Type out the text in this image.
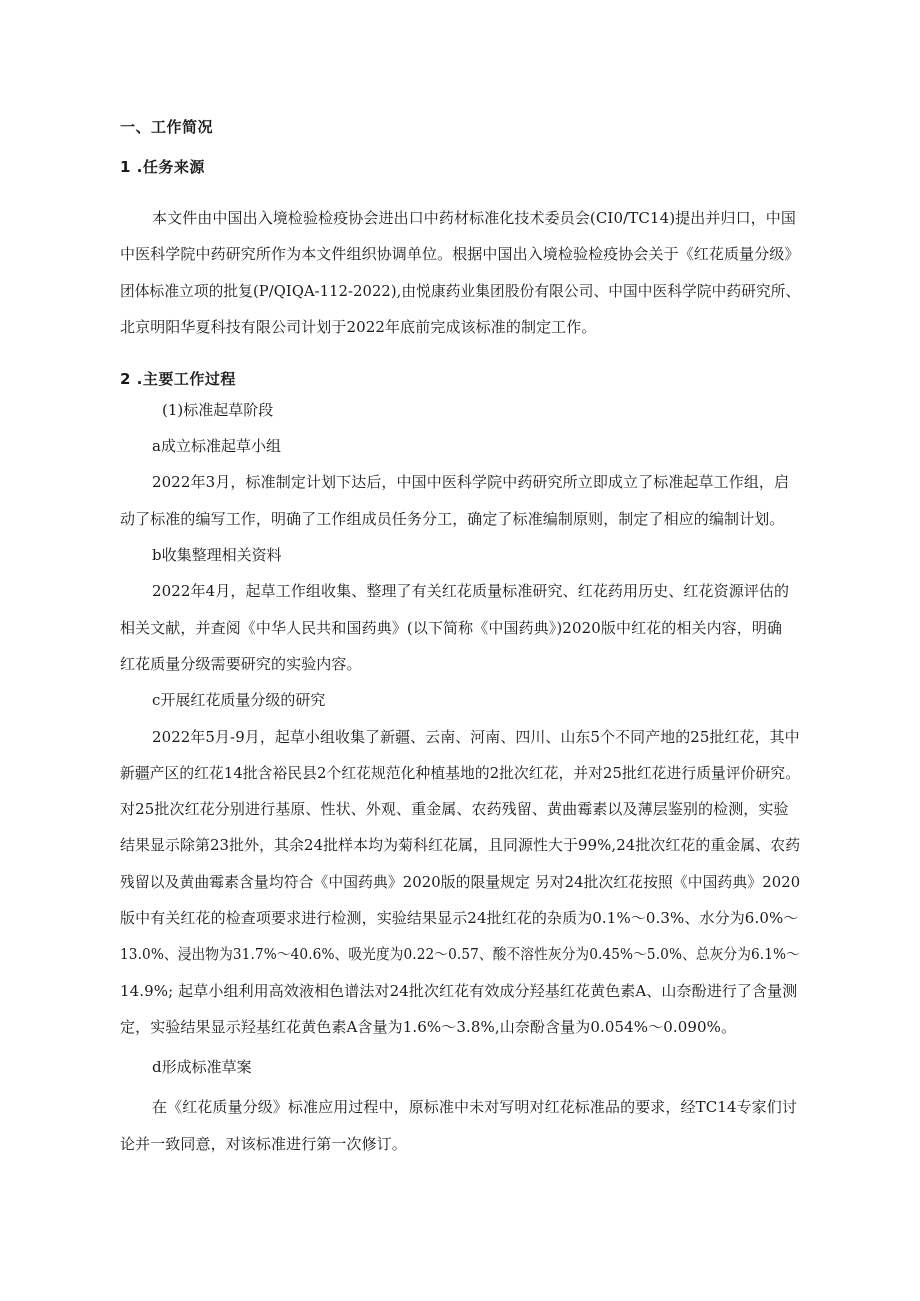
一、工作简况
1 .任务来源
本文件由中国出入境检验检疫协会进出口中药材标准化技术委员会(CI0/TC14)提出并归口，中国
中医科学院中药研究所作为本文件组织协调单位。根据中国出入境检验检疫协会关于《红花质量分级》
团体标准立项的批复(P/QIQA-112-2022),由悦康药业集团股份有限公司、中国中医科学院中药研究所、
北京明阳华夏科技有限公司计划于2022年底前完成该标准的制定工作。
2 .主要工作过程
(1)标准起草阶段
a成立标准起草小组
2022年3月，标准制定计划下达后，中国中医科学院中药研究所立即成立了标准起草工作组，启
动了标准的编写工作，明确了工作组成员任务分工，确定了标准编制原则，制定了相应的编制计划。
b收集整理相关资料
2022年4月，起草工作组收集、整理了有关红花质量标准研究、红花药用历史、红花资源评估的
相关文献，并查阅《中华人民共和国药典》(以下简称《中国药典》)2020版中红花的相关内容，明确
红花质量分级需要研究的实验内容。
c开展红花质量分级的研究
2022年5月-9月，起草小组收集了新疆、云南、河南、四川、山东5个不同产地的25批红花，其中
新疆产区的红花14批含裕民县2个红花规范化种植基地的2批次红花，并对25批红花进行质量评价研究。
对25批次红花分别进行基原、性状、外观、重金属、农药残留、黄曲霉素以及薄层鉴别的检测，实验
结果显示除第23批外，其余24批样本均为菊科红花属，且同源性大于99%,24批次红花的重金属、农药
残留以及黄曲霉素含量均符合《中国药典》2020版的限量规定 另对24批次红花按照《中国药典》2020
版中有关红花的检查项要求进行检测，实验结果显示24批红花的杂质为0.1%～0.3%、水分为6.0%～
13.0%、浸出物为31.7%～40.6%、吸光度为0.22～0.57、酸不溶性灰分为0.45%～5.0%、总灰分为6.1%～
14.9%; 起草小组利用高效液相色谱法对24批次红花有效成分羟基红花黄色素A、山奈酚进行了含量测
定，实验结果显示羟基红花黄色素A含量为1.6%～3.8%,山奈酚含量为0.054%～0.090%。
d形成标准草案
在《红花质量分级》标准应用过程中，原标准中未对写明对红花标准品的要求，经TC14专家们讨
论并一致同意，对该标准进行第一次修订。
